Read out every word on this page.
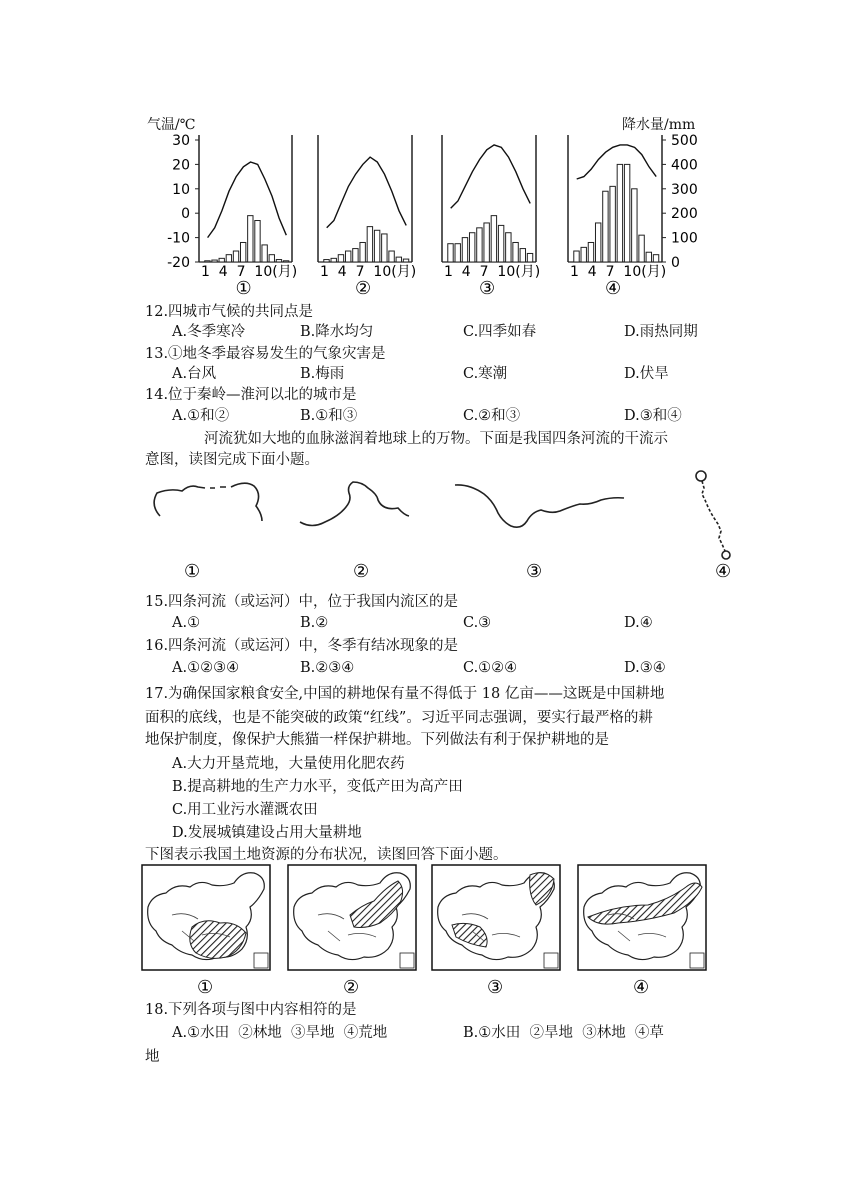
30
20
10
0
-10
-20
500
400
300
200
100
0
1  4  7  10(月)
①
1  4  7  10(月)
②
1  4  7  10(月)
③
1  4  7  10(月)
④
气温/℃	降水量/mm
12.四城市气候的共同点是
A.冬季寒冷	B.降水均匀	C.四季如春	D.雨热同期
13.①地冬季最容易发生的气象灾害是
A.台风	B.梅雨	C.寒潮	D.伏旱
14.位于秦岭—淮河以北的城市是
A.①和②	B.①和③	C.②和③	D.③和④
河流犹如大地的血脉滋润着地球上的万物。下面是我国四条河流的干流示
意图，读图完成下面小题。
①	②	③	④
15.四条河流（或运河）中，位于我国内流区的是
A.①	B.②	C.③	D.④
16.四条河流（或运河）中，冬季有结冰现象的是
A.①②③④	B.②③④	C.①②④	D.③④
17.为确保国家粮食安全,中国的耕地保有量不得低于 18 亿亩——这既是中国耕地
面积的底线，也是不能突破的政策“红线”。习近平同志强调，要实行最严格的耕
地保护制度，像保护大熊猫一样保护耕地。下列做法有利于保护耕地的是
A.大力开垦荒地，大量使用化肥农药
B.提高耕地的生产力水平，变低产田为高产田
C.用工业污水灌溉农田
D.发展城镇建设占用大量耕地
下图表示我国土地资源的分布状况，读图回答下面小题。
①	②	③	④
18.下列各项与图中内容相符的是
A.①水田  ②林地  ③旱地  ④荒地	B.①水田  ②旱地  ③林地  ④草
地
